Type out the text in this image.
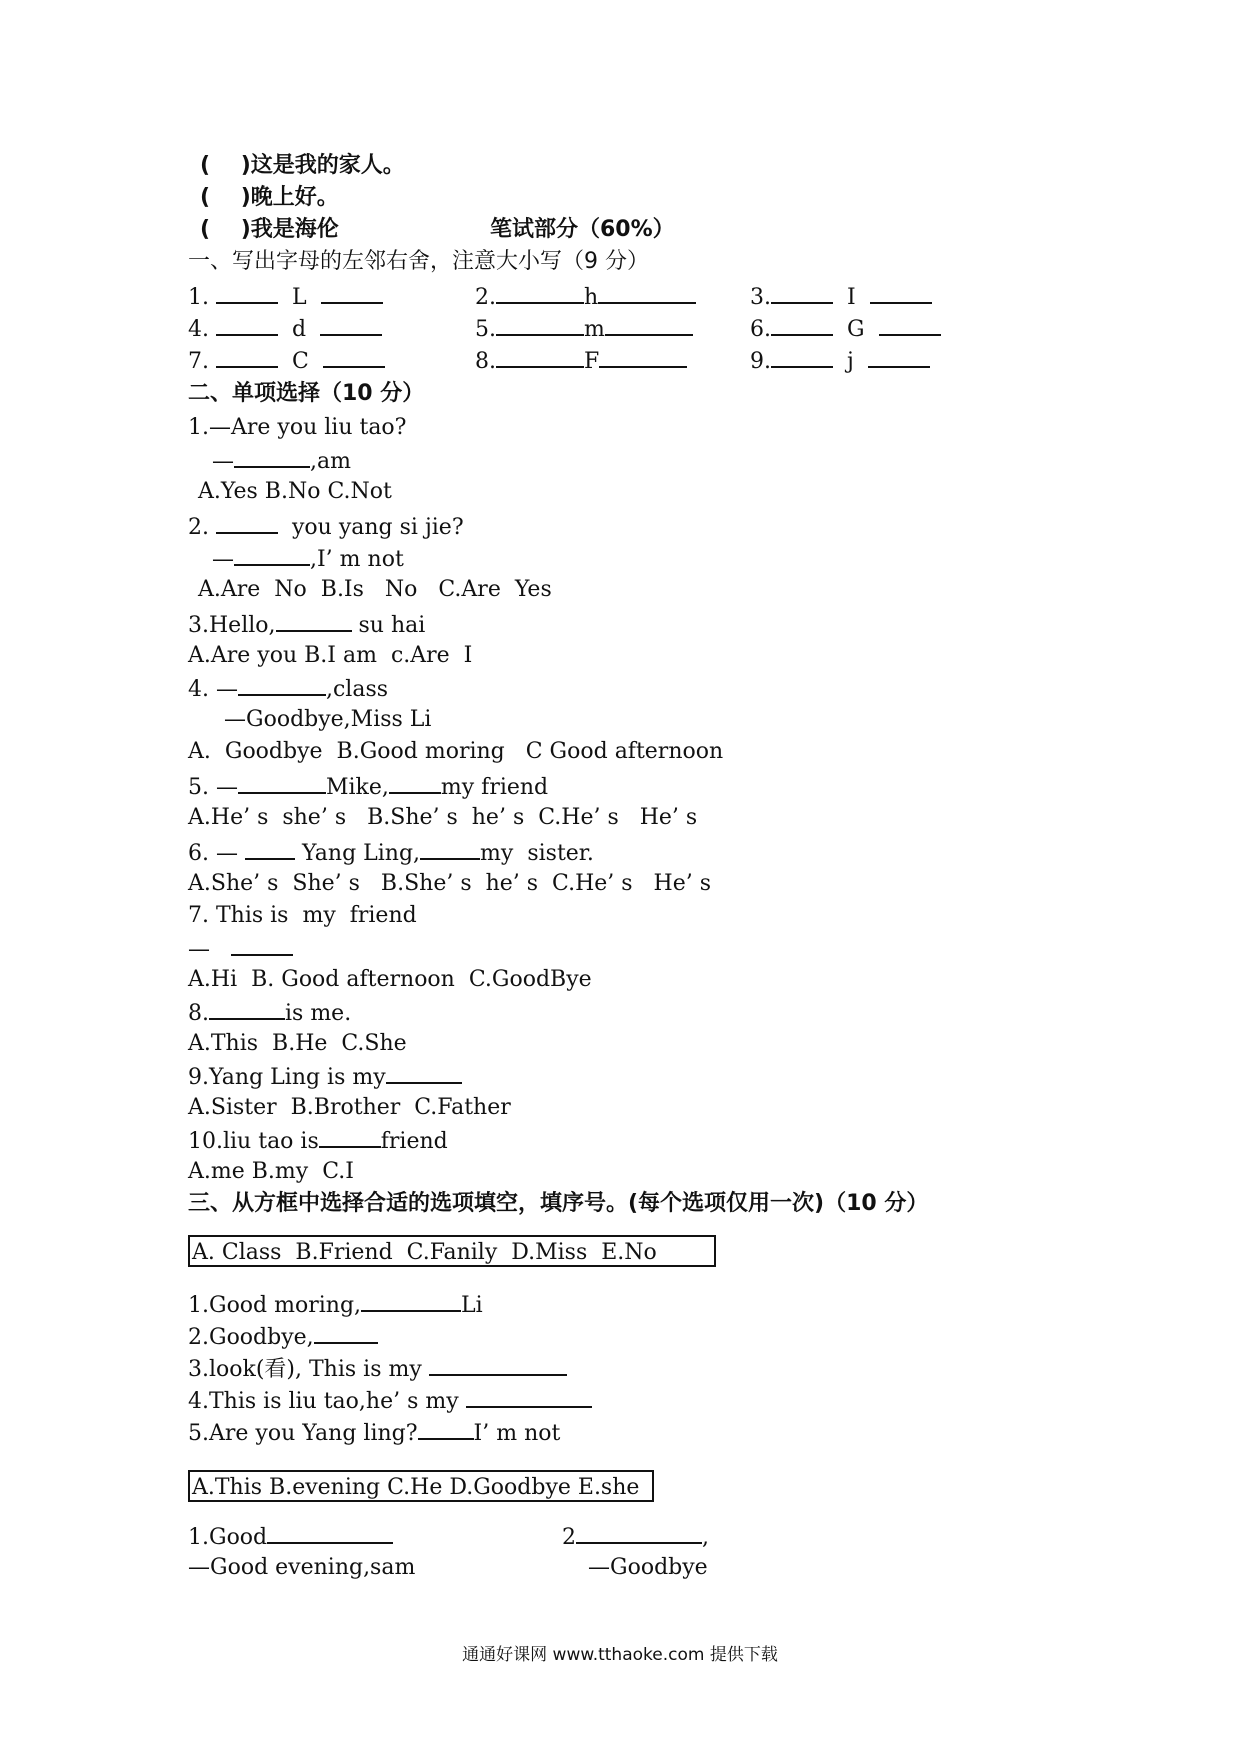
(    )这是我的家人。
(    )晚上好。
(    )我是海伦	笔试部分（60%）
一、写出字母的左邻右舍，注意大小写（9 分）
1.	L	2.	h	3.	I
4.	d	5.	m	6.	G
7.	C	8.	F	9.	j
二、单项选择（10 分）
1.—Are you liu tao?
—	,am
A.Yes B.No C.Not
2.	you yang si jie?
—	,I’ m not
A.Are  No  B.Is   No   C.Are  Yes
3.Hello,	su hai
A.Are you B.I am  c.Are  I
4. —	,class
—Goodbye,Miss Li
A.  Goodbye  B.Good moring   C Good afternoon
5. —	Mike, my friend
A.He’ s  she’ s   B.She’ s  he’ s  C.He’ s   He’ s
6. —	Yang Ling,	my  sister.
A.She’ s  She’ s   B.She’ s  he’ s  C.He’ s   He’ s
7. This is  my  friend
—
A.Hi  B. Good afternoon  C.GoodBye
8.	is me.
A.This  B.He  C.She
9.Yang Ling is my
A.Sister  B.Brother  C.Father
10.liu tao is	friend
A.me B.my  C.I
三、从方框中选择合适的选项填空，填序号。(每个选项仅用一次)（10 分）
A. Class  B.Friend  C.Fanily  D.Miss  E.No
1.Good moring,	Li
2.Goodbye,
3.look(看), This is my
4.This is liu tao,he’ s my
5.Are you Yang ling?	I’ m not
A.This B.evening C.He D.Goodbye E.she
1.Good
—Good evening,sam
2	,
—Goodbye
通通好课网 www.tthaoke.com 提供下载
